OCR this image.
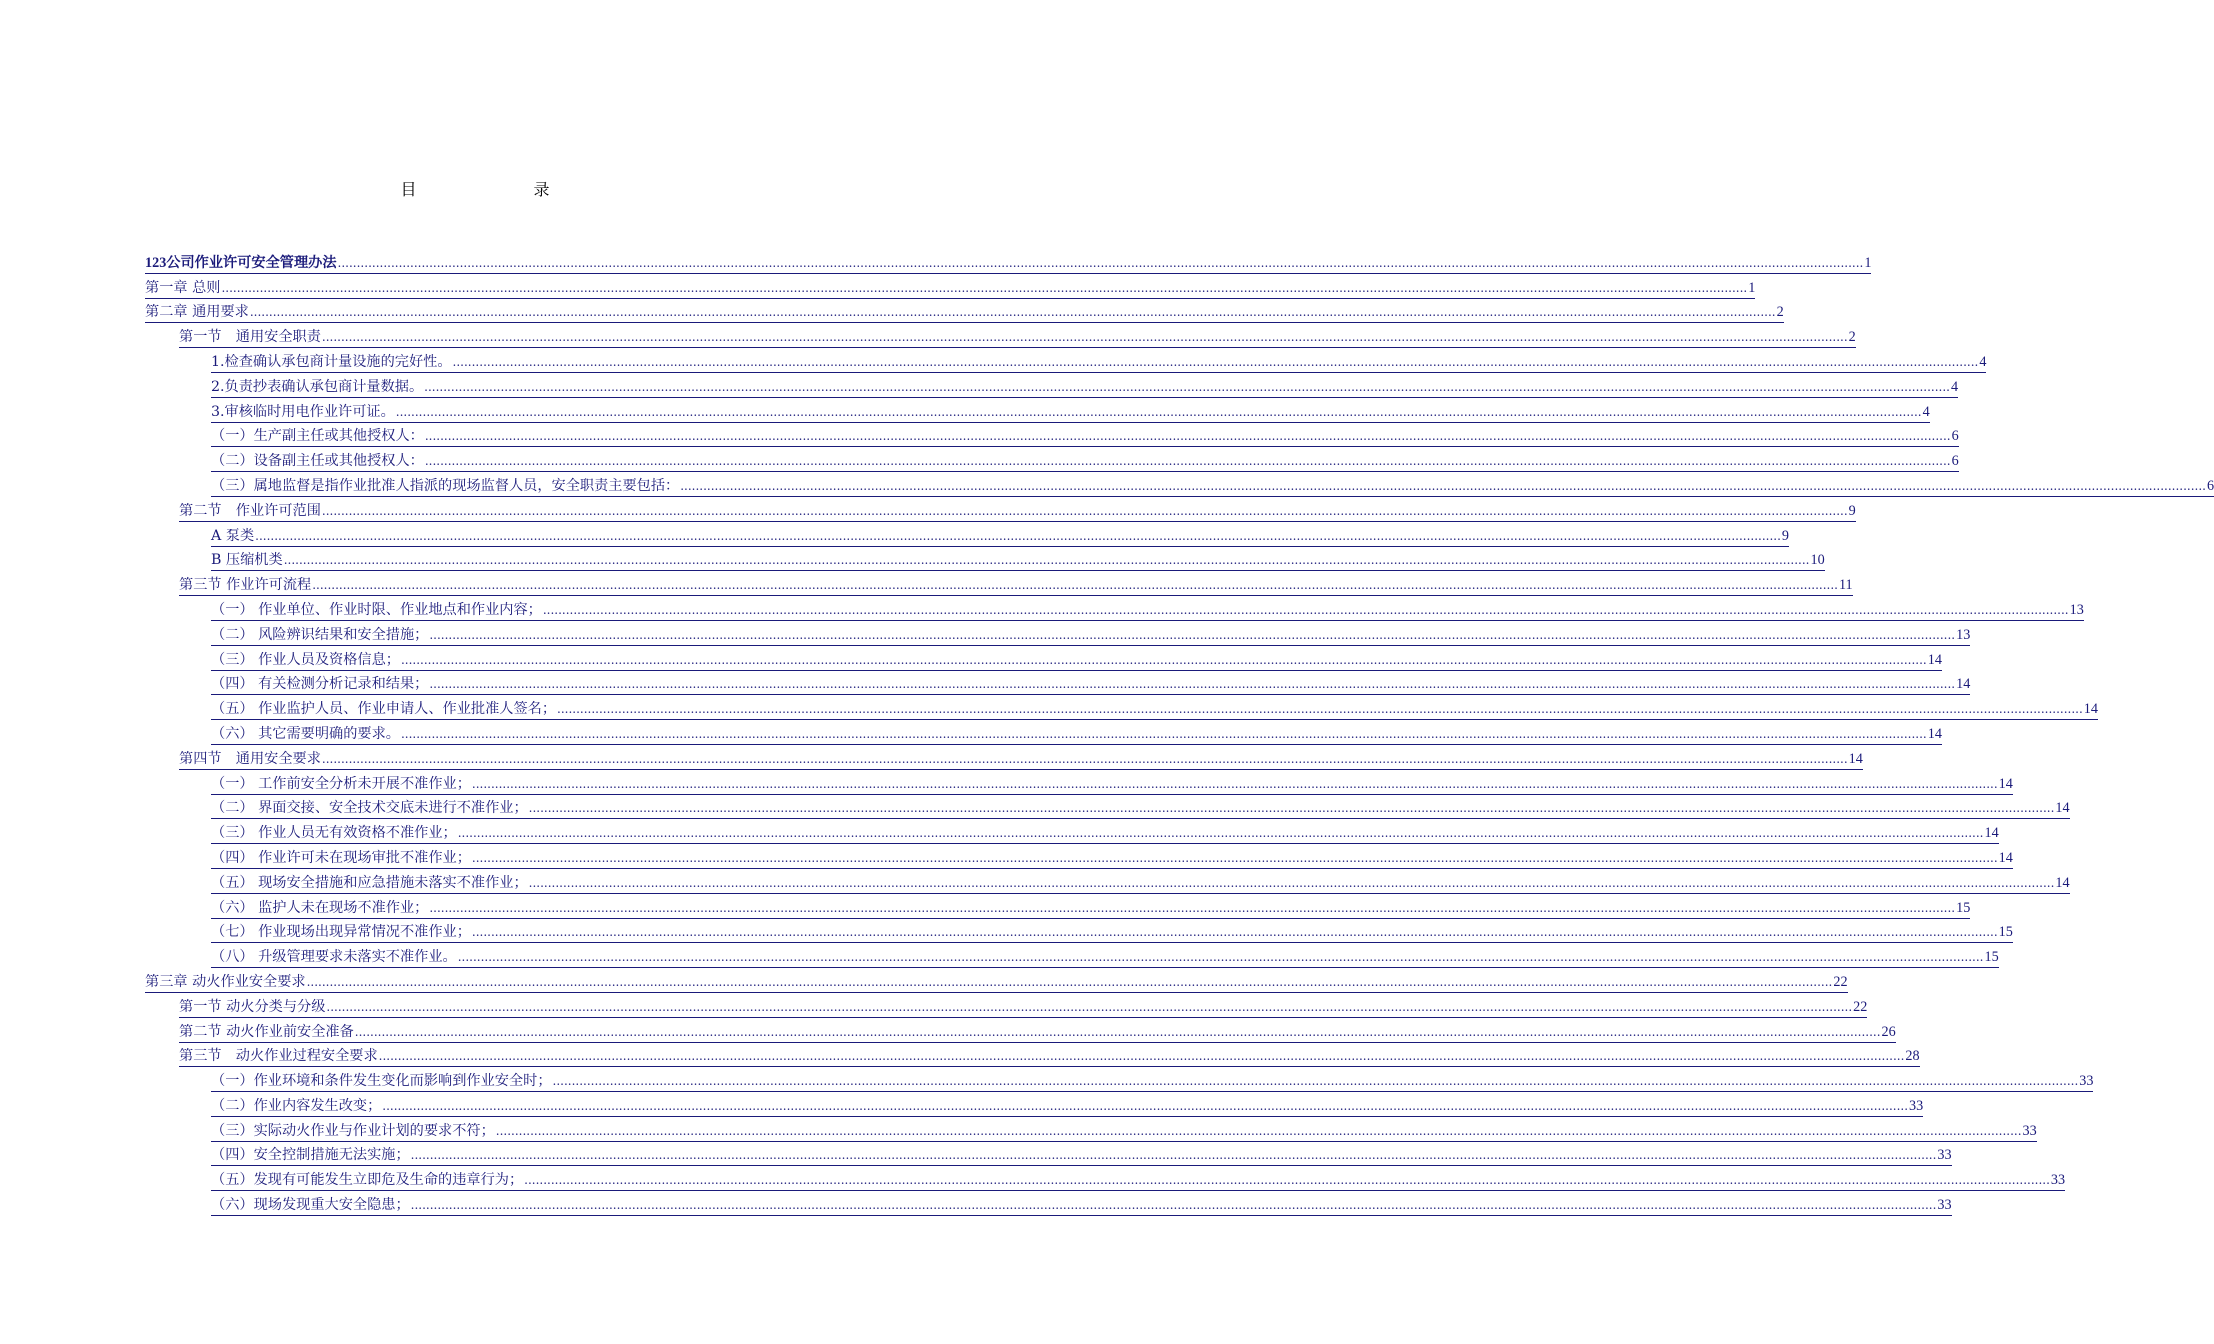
目 录
123公司作业许可安全管理办法 ................................................................................................................................................................................................................................................................................................................................................................................................................ 1
第一章 总则 ................................................................................................................................................................................................................................................................................................................................................................................................................ 1
第二章 通用要求 ................................................................................................................................................................................................................................................................................................................................................................................................................ 2
第一节　通用安全职责 ................................................................................................................................................................................................................................................................................................................................................................................................................ 2
1.检查确认承包商计量设施的完好性。 ................................................................................................................................................................................................................................................................................................................................................................................................................ 4
2.负责抄表确认承包商计量数据。 ................................................................................................................................................................................................................................................................................................................................................................................................................ 4
3.审核临时用电作业许可证。 ................................................................................................................................................................................................................................................................................................................................................................................................................ 4
（一）生产副主任或其他授权人： ................................................................................................................................................................................................................................................................................................................................................................................................................ 6
（二）设备副主任或其他授权人： ................................................................................................................................................................................................................................................................................................................................................................................................................ 6
（三）属地监督是指作业批准人指派的现场监督人员，安全职责主要包括： ................................................................................................................................................................................................................................................................................................................................................................................................................ 6
第二节　作业许可范围 ................................................................................................................................................................................................................................................................................................................................................................................................................ 9
A 泵类 ................................................................................................................................................................................................................................................................................................................................................................................................................ 9
B 压缩机类 ................................................................................................................................................................................................................................................................................................................................................................................................................ 10
第三节 作业许可流程 ................................................................................................................................................................................................................................................................................................................................................................................................................ 11
（一） 作业单位、作业时限、作业地点和作业内容； ................................................................................................................................................................................................................................................................................................................................................................................................................ 13
（二） 风险辨识结果和安全措施； ................................................................................................................................................................................................................................................................................................................................................................................................................ 13
（三） 作业人员及资格信息； ................................................................................................................................................................................................................................................................................................................................................................................................................ 14
（四） 有关检测分析记录和结果； ................................................................................................................................................................................................................................................................................................................................................................................................................ 14
（五） 作业监护人员、作业申请人、作业批准人签名； ................................................................................................................................................................................................................................................................................................................................................................................................................ 14
（六） 其它需要明确的要求。 ................................................................................................................................................................................................................................................................................................................................................................................................................ 14
第四节　通用安全要求 ................................................................................................................................................................................................................................................................................................................................................................................................................ 14
（一） 工作前安全分析未开展不准作业； ................................................................................................................................................................................................................................................................................................................................................................................................................ 14
（二） 界面交接、安全技术交底未进行不准作业； ................................................................................................................................................................................................................................................................................................................................................................................................................ 14
（三） 作业人员无有效资格不准作业； ................................................................................................................................................................................................................................................................................................................................................................................................................ 14
（四） 作业许可未在现场审批不准作业； ................................................................................................................................................................................................................................................................................................................................................................................................................ 14
（五） 现场安全措施和应急措施未落实不准作业； ................................................................................................................................................................................................................................................................................................................................................................................................................ 14
（六） 监护人未在现场不准作业； ................................................................................................................................................................................................................................................................................................................................................................................................................ 15
（七） 作业现场出现异常情况不准作业； ................................................................................................................................................................................................................................................................................................................................................................................................................ 15
（八） 升级管理要求未落实不准作业。 ................................................................................................................................................................................................................................................................................................................................................................................................................ 15
第三章 动火作业安全要求 ................................................................................................................................................................................................................................................................................................................................................................................................................ 22
第一节 动火分类与分级 ................................................................................................................................................................................................................................................................................................................................................................................................................ 22
第二节 动火作业前安全准备 ................................................................................................................................................................................................................................................................................................................................................................................................................ 26
第三节　动火作业过程安全要求 ................................................................................................................................................................................................................................................................................................................................................................................................................ 28
（一）作业环境和条件发生变化而影响到作业安全时； ................................................................................................................................................................................................................................................................................................................................................................................................................ 33
（二）作业内容发生改变； ................................................................................................................................................................................................................................................................................................................................................................................................................ 33
（三）实际动火作业与作业计划的要求不符； ................................................................................................................................................................................................................................................................................................................................................................................................................ 33
（四）安全控制措施无法实施； ................................................................................................................................................................................................................................................................................................................................................................................................................ 33
（五）发现有可能发生立即危及生命的违章行为； ................................................................................................................................................................................................................................................................................................................................................................................................................ 33
（六）现场发现重大安全隐患； ................................................................................................................................................................................................................................................................................................................................................................................................................ 33
